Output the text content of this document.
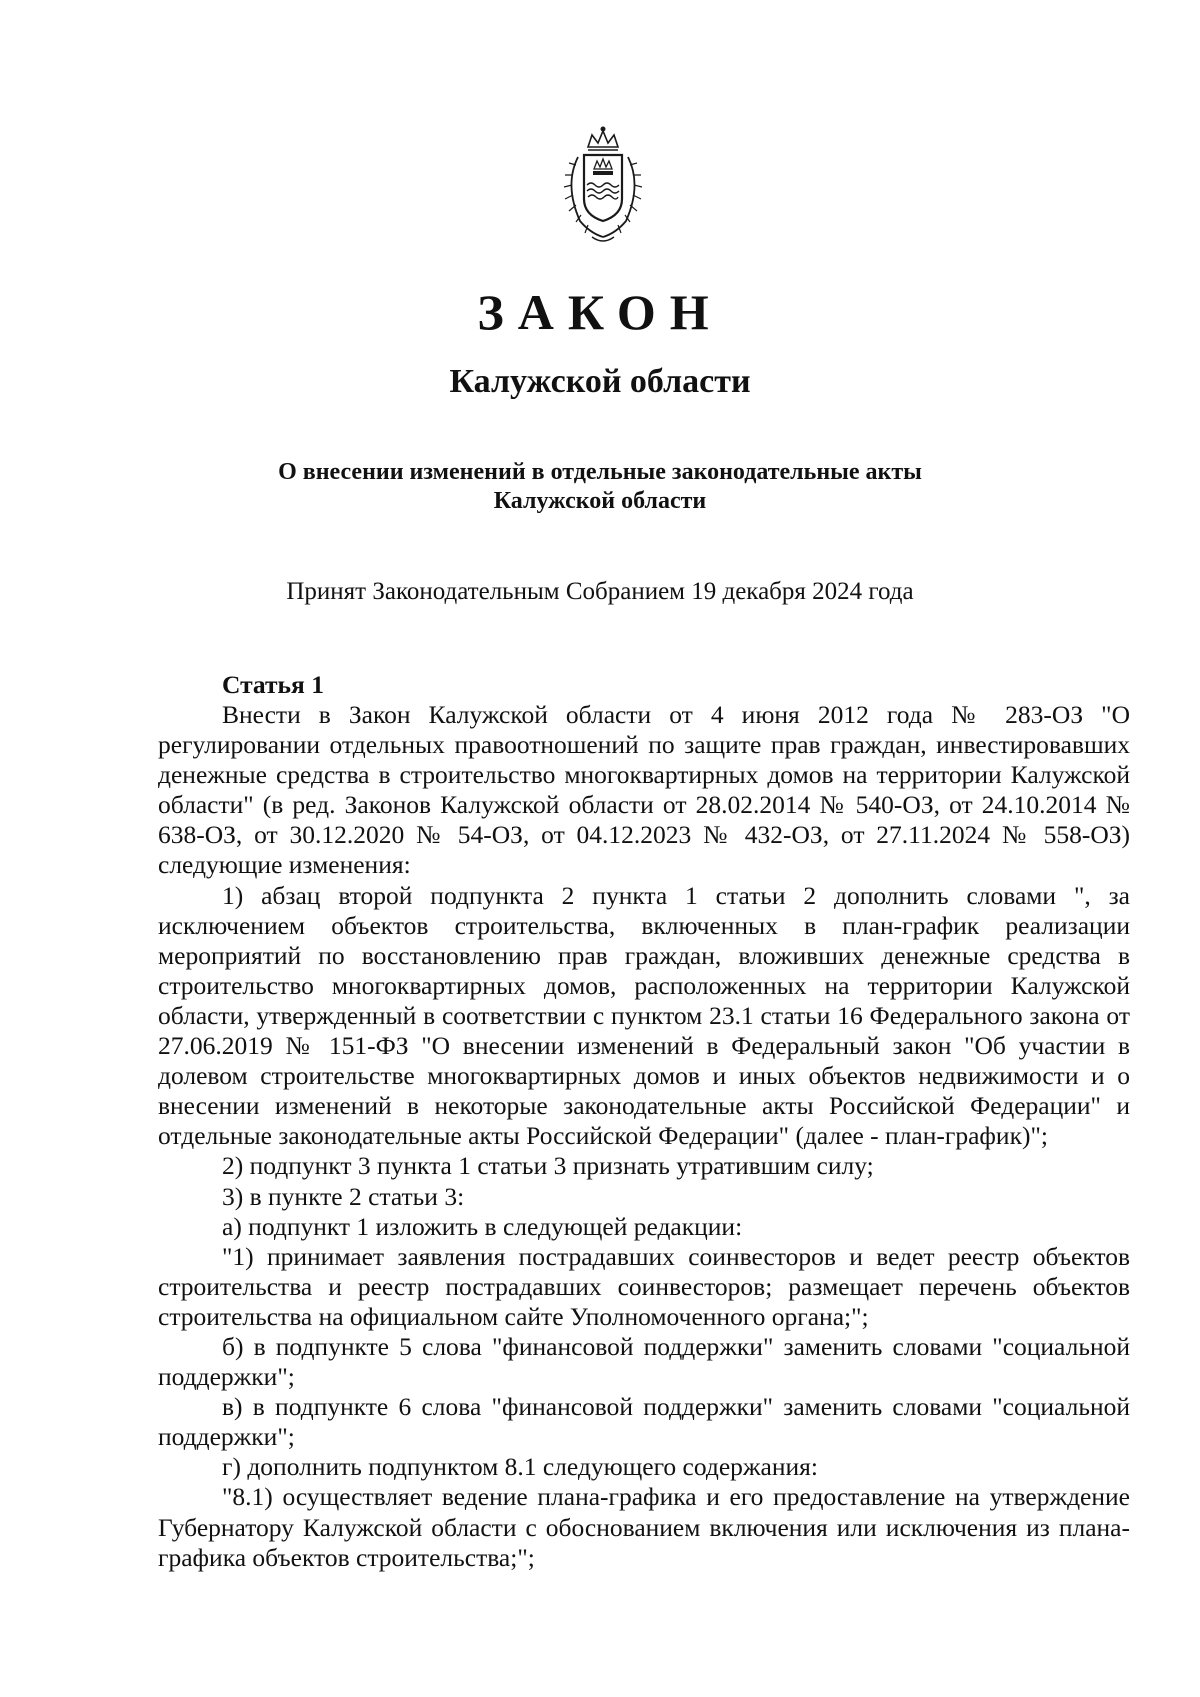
ЗАКОН
Калужской области
О внесении изменений в отдельные законодательные акты
Калужской области
Принят Законодательным Собранием 19 декабря 2024 года
Статья 1

Внести в Закон Калужской области от 4 июня 2012 года № 283-ОЗ "О регулировании отдельных правоотношений по защите прав граждан, инвестировавших денежные средства в строительство многоквартирных домов на территории Калужской области" (в ред. Законов Калужской области от 28.02.2014 № 540-ОЗ, от 24.10.2014 № 638-ОЗ, от 30.12.2020 № 54-ОЗ, от 04.12.2023 № 432-ОЗ, от 27.11.2024 № 558-ОЗ) следующие изменения:

1) абзац второй подпункта 2 пункта 1 статьи 2 дополнить словами ", за исключением объектов строительства, включенных в план-график реализации мероприятий по восстановлению прав граждан, вложивших денежные средства в строительство многоквартирных домов, расположенных на территории Калужской области, утвержденный в соответствии с пунктом 23.1 статьи 16 Федерального закона от 27.06.2019 № 151-ФЗ "О внесении изменений в Федеральный закон "Об участии в долевом строительстве многоквартирных домов и иных объектов недвижимости и о внесении изменений в некоторые законодательные акты Российской Федерации" и отдельные законодательные акты Российской Федерации" (далее - план-график)";

2) подпункт 3 пункта 1 статьи 3 признать утратившим силу;

3) в пункте 2 статьи 3:

а) подпункт 1 изложить в следующей редакции:

"1) принимает заявления пострадавших соинвесторов и ведет реестр объектов строительства и реестр пострадавших соинвесторов; размещает перечень объектов строительства на официальном сайте Уполномоченного органа;";

б) в подпункте 5 слова "финансовой поддержки" заменить словами "социальной поддержки";

в) в подпункте 6 слова "финансовой поддержки" заменить словами "социальной поддержки";

г) дополнить подпунктом 8.1 следующего содержания:

"8.1) осуществляет ведение плана-графика и его предоставление на утверждение Губернатору Калужской области с обоснованием включения или исключения из плана-графика объектов строительства;";
